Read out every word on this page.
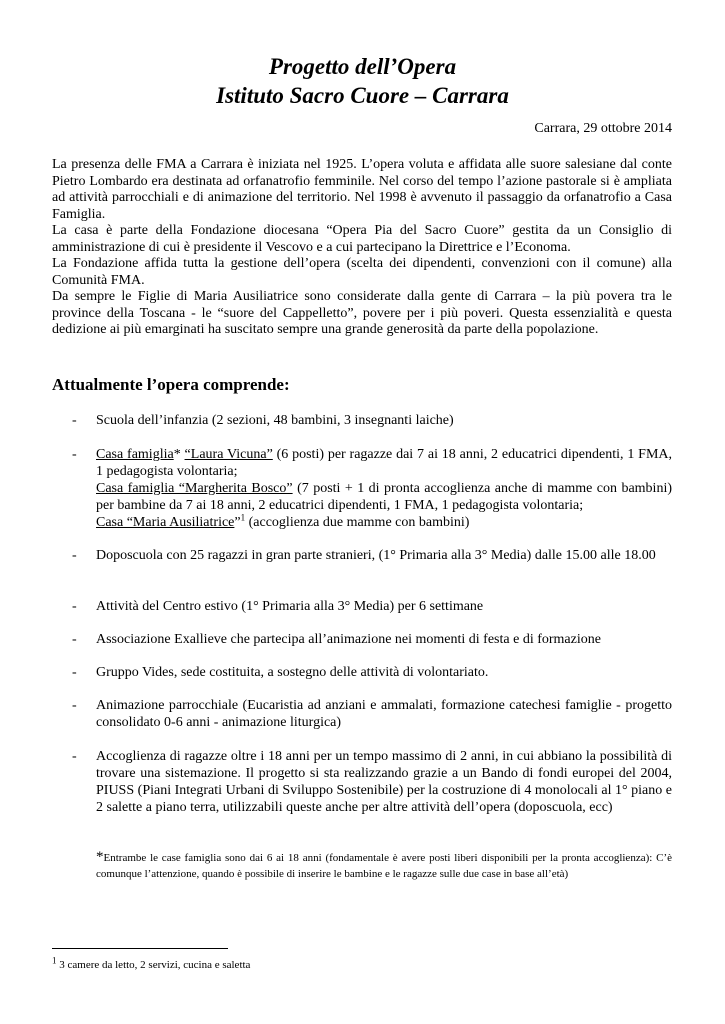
Progetto dell’Opera
Istituto Sacro Cuore – Carrara
Carrara, 29 ottobre 2014

La presenza delle FMA a Carrara è iniziata nel 1925. L’opera voluta e affidata alle suore salesiane dal conte Pietro Lombardo era destinata ad orfanatrofio femminile. Nel corso del tempo l’azione pastorale si è ampliata ad attività parrocchiali e di animazione del territorio. Nel 1998 è avvenuto il passaggio da orfanatrofio a Casa Famiglia.

La casa è parte della Fondazione diocesana “Opera Pia del Sacro Cuore” gestita da un Consiglio di amministrazione di cui è presidente il Vescovo e a cui partecipano la Direttrice e l’Economa.

La Fondazione affida tutta la gestione dell’opera (scelta dei dipendenti, convenzioni con il comune) alla Comunità FMA.

Da sempre le Figlie di Maria Ausiliatrice sono considerate dalla gente di Carrara – la più povera tra le province della Toscana - le “suore del Cappelletto”, povere per i più poveri. Questa essenzialità e questa dedizione ai più emarginati ha suscitato sempre una grande generosità da parte della popolazione.

Attualmente l’opera comprende:
- Scuola dell’infanzia (2 sezioni, 48 bambini, 3 insegnanti laiche)
- Casa famiglia* “Laura Vicuna” (6 posti) per ragazze dai 7 ai 18 anni, 2 educatrici dipendenti, 1 FMA, 1 pedagogista volontaria;

Casa famiglia “Margherita Bosco” (7 posti + 1 di pronta accoglienza anche di mamme con bambini) per bambine da 7 ai 18 anni, 2 educatrici dipendenti, 1 FMA, 1 pedagogista volontaria;

Casa “Maria Ausiliatrice”$^1$ (accoglienza due mamme con bambini)

- Doposcuola con 25 ragazzi in gran parte stranieri, (1° Primaria alla 3° Media) dalle 15.00 alle 18.00
- Attività del Centro estivo (1° Primaria alla 3° Media) per 6 settimane
- Associazione Exallieve che partecipa all’animazione nei momenti di festa e di formazione
- Gruppo Vides, sede costituita, a sostegno delle attività di volontariato.
- Animazione parrocchiale (Eucaristia ad anziani e ammalati, formazione catechesi famiglie - progetto consolidato 0-6 anni - animazione liturgica)
- Accoglienza di ragazze oltre i 18 anni per un tempo massimo di 2 anni, in cui abbiano la possibilità di trovare una sistemazione. Il progetto si sta realizzando grazie a un Bando di fondi europei del 2004, PIUSS (Piani Integrati Urbani di Sviluppo Sostenibile) per la costruzione di 4 monolocali al 1° piano e 2 salette a piano terra, utilizzabili queste anche per altre attività dell’opera (doposcuola, ecc)
*Entrambe le case famiglia sono dai 6 ai 18 anni (fondamentale è avere posti liberi disponibili per la pronta accoglienza): C’è comunque l’attenzione, quando è possibile di inserire le bambine e le ragazze sulle due case in base all’età)
$^1$ 3 camere da letto, 2 servizi, cucina e saletta
